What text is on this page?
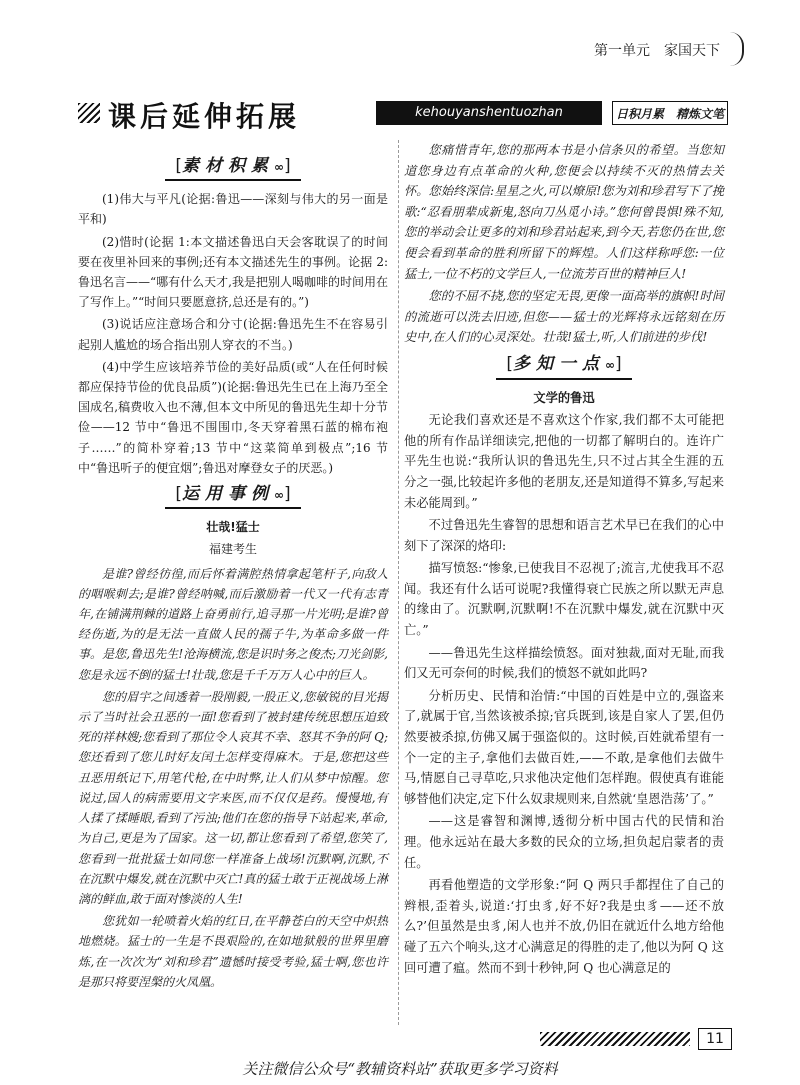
第一单元　家国天下
课后延伸拓展	kehouyanshentuozhan	日积月累　精炼文笔
[素材积累∞]

(1)伟大与平凡(论据:鲁迅——深刻与伟大的另一面是平和)

(2)惜时(论据 1:本文描述鲁迅白天会客耽误了的时间要在夜里补回来的事例;还有本文描述先生的事例。论据 2:鲁迅名言——“哪有什么天才,我是把别人喝咖啡的时间用在了写作上。”“时间只要愿意挤,总还是有的。”)

(3)说话应注意场合和分寸(论据:鲁迅先生不在容易引起别人尴尬的场合指出别人穿衣的不当。)

(4)中学生应该培养节俭的美好品质(或“人在任何时候都应保持节俭的优良品质”)(论据:鲁迅先生已在上海乃至全国成名,稿费收入也不薄,但本文中所见的鲁迅先生却十分节俭——12 节中“鲁迅不围围巾,冬天穿着黑石蓝的棉布袍子……”的简朴穿着;13 节中“这菜简单到极点”;16 节中“鲁迅听子的便宜烟”;鲁迅对摩登女子的厌恶。)

[运用事例∞]
壮哉!猛士
福建考生

是谁?曾经彷徨,而后怀着满腔热情拿起笔杆子,向敌人的咽喉刺去;是谁?曾经呐喊,而后激励着一代又一代有志青年,在铺满荆棘的道路上奋勇前行,追寻那一片光明;是谁?曾经伤逝,为的是无法一直做人民的孺子牛,为革命多做一件事。是您,鲁迅先生!沧海横流,您是识时务之俊杰;刀光剑影,您是永远不倒的猛士!壮哉,您是千千万万人心中的巨人。

您的眉宇之间透着一股刚毅,一股正义,您敏锐的目光揭示了当时社会丑恶的一面!您看到了被封建传统思想压迫致死的祥林嫂;您看到了那位令人哀其不幸、怒其不争的阿 Q;您还看到了您儿时好友闰土怎样变得麻木。于是,您把这些丑恶用纸记下,用笔代枪,在中时弊,让人们从梦中惊醒。您说过,国人的病需要用文字来医,而不仅仅是药。慢慢地,有人揉了揉睡眼,看到了污浊;他们在您的指导下站起来,革命,为自己,更是为了国家。这一切,都让您看到了希望,您笑了,您看到一批批猛士如同您一样准备上战场!沉默啊,沉默,不在沉默中爆发,就在沉默中灭亡!真的猛士敢于正视战场上淋漓的鲜血,敢于面对惨淡的人生!

您犹如一轮喷着火焰的红日,在平静苍白的天空中炽热地燃烧。猛士的一生是不畏艰险的,在如地狱般的世界里磨炼,在一次次为“刘和珍君”遗憾时接受考验,猛士啊,您也许是那只将要涅槃的火凤凰。

您痛惜青年,您的那两本书是小信条贝的希望。当您知道您身边有点革命的火种,您便会以持续不灭的热情去关怀。您始终深信:星星之火,可以燎原!您为刘和珍君写下了挽歌:“忍看朋辈成新鬼,怒向刀丛觅小诗。”您何曾畏惧!殊不知,您的举动会让更多的刘和珍君站起来,到今天,若您仍在世,您便会看到革命的胜利所留下的辉煌。人们这样称呼您:一位猛士,一位不朽的文学巨人,一位流芳百世的精神巨人!

您的不屈不挠,您的坚定无畏,更像一面高举的旗帜!时间的流逝可以洗去旧迹,但您——猛士的光辉将永远铭刻在历史中,在人们的心灵深处。壮哉!猛士,听,人们前进的步伐!

[多知一点∞]
文学的鲁迅

无论我们喜欢还是不喜欢这个作家,我们都不太可能把他的所有作品详细读完,把他的一切都了解明白的。连许广平先生也说:“我所认识的鲁迅先生,只不过占其全生涯的五分之一强,比较起许多他的老朋友,还是知道得不算多,写起来未必能周到。”

不过鲁迅先生睿智的思想和语言艺术早已在我们的心中刻下了深深的烙印:

描写愤怒:“惨象,已使我目不忍视了;流言,尤使我耳不忍闻。我还有什么话可说呢?我懂得衰亡民族之所以默无声息的缘由了。沉默啊,沉默啊!不在沉默中爆发,就在沉默中灭亡。”

——鲁迅先生这样描绘愤怒。面对独裁,面对无耻,而我们又无可奈何的时候,我们的愤怒不就如此吗?

分析历史、民情和治情:“中国的百姓是中立的,强盗来了,就属于官,当然该被杀掠;官兵既到,该是自家人了罢,但仍然要被杀掠,仿佛又属于强盗似的。这时候,百姓就希望有一个一定的主子,拿他们去做百姓,——不敢,是拿他们去做牛马,情愿自己寻草吃,只求他决定他们怎样跑。假使真有谁能够替他们决定,定下什么奴隶规则来,自然就‘皇恩浩荡’了。”

——这是睿智和渊博,透彻分析中国古代的民情和治理。他永远站在最大多数的民众的立场,担负起启蒙者的责任。

再看他塑造的文学形象:“阿 Q 两只手都捏住了自己的辫根,歪着头,说道:‘打虫豸,好不好?我是虫豸——还不放么?’但虽然是虫豸,闲人也并不放,仍旧在就近什么地方给他碰了五六个响头,这才心满意足的得胜的走了,他以为阿 Q 这回可遭了瘟。然而不到十秒钟,阿 Q 也心满意足的

11
关注微信公众号“教辅资料站”获取更多学习资料
